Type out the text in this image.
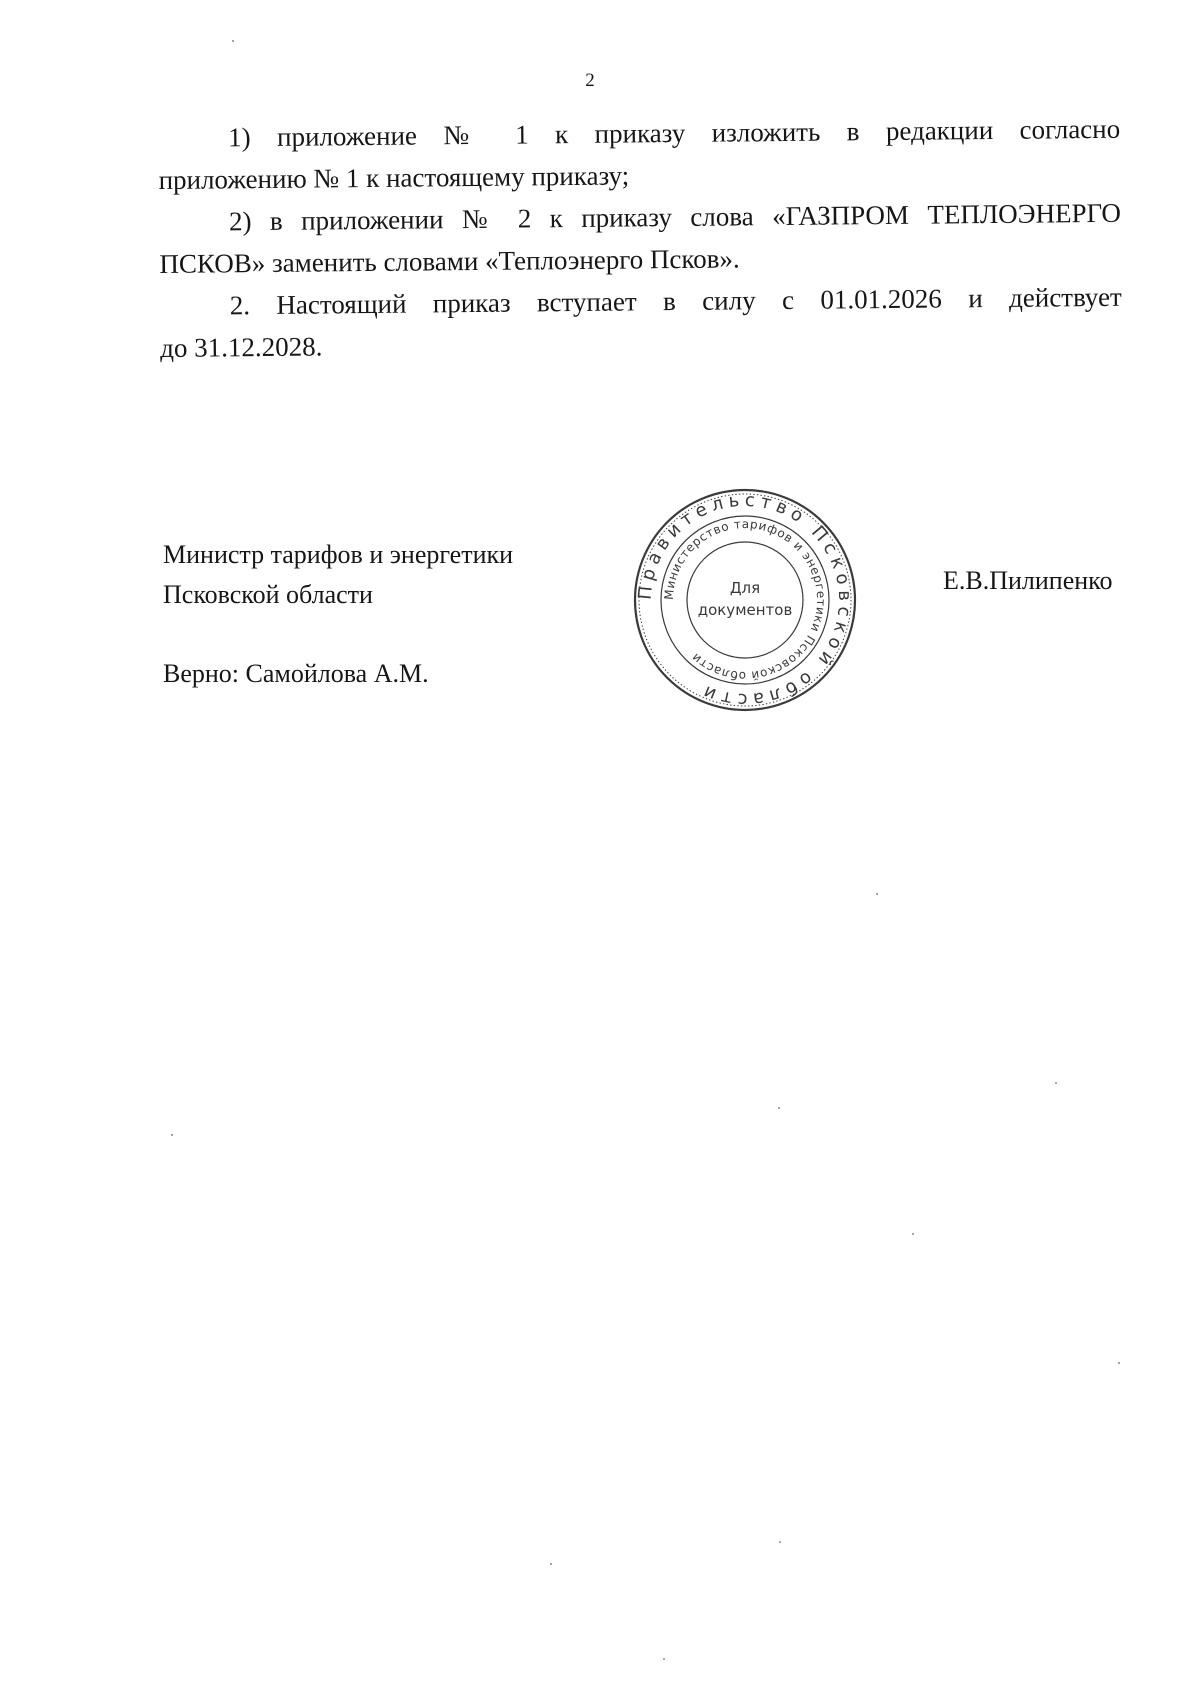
2

1) приложение № 1 к приказу изложить в редакции согласно
приложению № 1 к настоящему приказу;

2) в приложении № 2 к приказу слова «ГАЗПРОМ ТЕПЛОЭНЕРГО
ПСКОВ» заменить словами «Теплоэнерго Псков».

2. Настоящий приказ вступает в силу с 01.01.2026 и действует
до 31.12.2028.

Министр тарифов и энергетики
Псковской области	Правительство Псковской области
Министерство тарифов и энергетики Псковской области
Для
документов
Е.В.Пилипенко
Верно: Самойлова А.М.
